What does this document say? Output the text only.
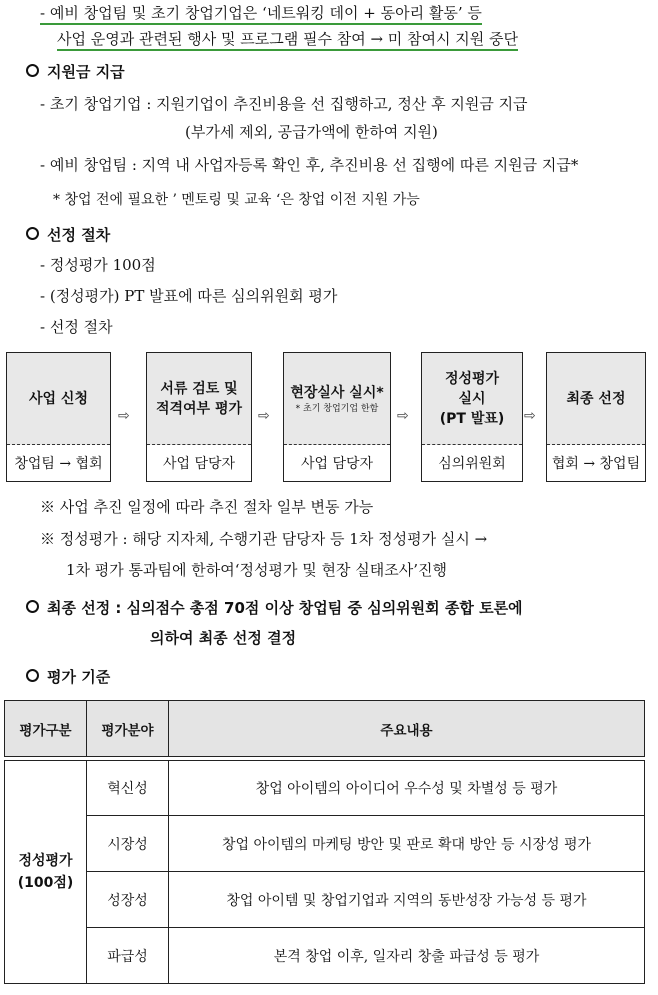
- 예비 창업팀 및 초기 창업기업은 ‘네트워킹 데이 + 동아리 활동’ 등
사업 운영과 관련된 행사 및 프로그램 필수 참여 → 미 참여시 지원 중단
지원금 지급
- 초기 창업기업 : 지원기업이 추진비용을 선 집행하고, 정산 후 지원금 지급
(부가세 제외, 공급가액에 한하여 지원)
- 예비 창업팀 : 지역 내 사업자등록 확인 후, 추진비용 선 집행에 따른 지원금 지급*
* 창업 전에 필요한 ’ 멘토링 및 교육 ‘은 창업 이전 지원 가능
선정 절차
- 정성평가 100점
- (정성평가) PT 발표에 따른 심의위원회 평가
- 선정 절차
사업 신청
창업팀 → 협회
⇨
서류 검토 및
적격여부 평가
사업 담당자
⇨
현장실사 실시*
* 초기 창업기업 한함
사업 담당자
⇨
정성평가
실시
(PT 발표)
심의위원회
⇨
최종 선정
협회 → 창업팀
※ 사업 추진 일정에 따라 추진 절차 일부 변동 가능
※ 정성평가 : 해당 지자체, 수행기관 담당자 등 1차 정성평가 실시 →
1차 평가 통과팀에 한하여‘정성평가 및 현장 실태조사’진행
최종 선정 : 심의점수 총점 70점 이상 창업팀 중 심의위원회 종합 토론에
의하여 최종 선정 결정
평가 기준
평가구분	평가분야	주요내용

정성평가
(100점)	혁신성	창업 아이템의 아이디어 우수성 및 차별성 등 평가
	시장성	창업 아이템의 마케팅 방안 및 판로 확대 방안 등 시장성 평가
	성장성	창업 아이템 및 창업기업과 지역의 동반성장 가능성 등 평가
	파급성	본격 창업 이후, 일자리 창출 파급성 등 평가
